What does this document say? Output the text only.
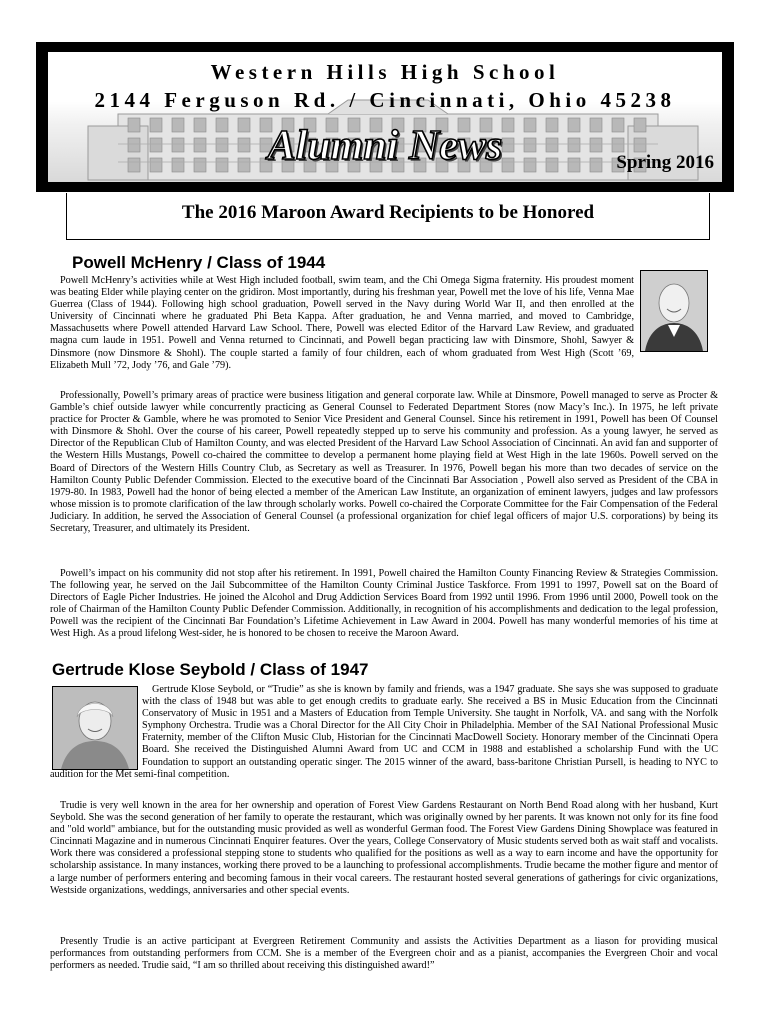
Western Hills High School
2144 Ferguson Rd. / Cincinnati, Ohio 45238
Alumni News	Spring 2016
The 2016 Maroon Award Recipients to be Honored
Powell McHenry / Class of 1944

Powell McHenry’s activities while at West High included football, swim team, and the Chi Omega Sigma fraternity. His proudest moment was beating Elder while playing center on the gridiron. Most importantly, during his freshman year, Powell met the love of his life, Venna Mae Guerrea (Class of 1944). Following high school graduation, Powell served in the Navy during World War II, and then enrolled at the University of Cincinnati where he graduated Phi Beta Kappa. After graduation, he and Venna married, and moved to Cambridge, Massachusetts where Powell attended Harvard Law School. There, Powell was elected Editor of the Harvard Law Review, and graduated magna cum laude in 1951. Powell and Venna returned to Cincinnati, and Powell began practicing law with Dinsmore, Shohl, Sawyer & Dinsmore (now Dinsmore & Shohl). The couple started a family of four children, each of whom graduated from West High (Scott ’69, Elizabeth Mull ’72, Jody ’76, and Gale ’79).

Professionally, Powell’s primary areas of practice were business litigation and general corporate law. While at Dinsmore, Powell managed to serve as Procter & Gamble’s chief outside lawyer while concurrently practicing as General Counsel to Federated Department Stores (now Macy’s Inc.). In 1975, he left private practice for Procter & Gamble, where he was promoted to Senior Vice President and General Counsel. Since his retirement in 1991, Powell has been Of Counsel with Dinsmore & Shohl. Over the course of his career, Powell repeatedly stepped up to serve his community and profession. As a young lawyer, he served as Director of the Republican Club of Hamilton County, and was elected President of the Harvard Law School Association of Cincinnati. An avid fan and supporter of the Western Hills Mustangs, Powell co-chaired the committee to develop a permanent home playing field at West High in the late 1960s. Powell served on the Board of Directors of the Western Hills Country Club, as Secretary as well as Treasurer. In 1976, Powell began his more than two decades of service on the Hamilton County Public Defender Commission. Elected to the executive board of the Cincinnati Bar Association , Powell also served as President of the CBA in 1979-80. In 1983, Powell had the honor of being elected a member of the American Law Institute, an organization of eminent lawyers, judges and law professors whose mission is to promote clarification of the law through scholarly works. Powell co-chaired the Corporate Committee for the Fair Compensation of the Federal Judiciary. In addition, he served the Association of General Counsel (a professional organization for chief legal officers of major U.S. corporations) by being its Secretary, Treasurer, and ultimately its President.

Powell’s impact on his community did not stop after his retirement. In 1991, Powell chaired the Hamilton County Financing Review & Strategies Commission. The following year, he served on the Jail Subcommittee of the Hamilton County Criminal Justice Taskforce. From 1991 to 1997, Powell sat on the Board of Directors of Eagle Picher Industries. He joined the Alcohol and Drug Addiction Services Board from 1992 until 1996. From 1996 until 2000, Powell took on the role of Chairman of the Hamilton County Public Defender Commission. Additionally, in recognition of his accomplishments and dedication to the legal profession, Powell was the recipient of the Cincinnati Bar Foundation’s Lifetime Achievement in Law Award in 2004. Powell has many wonderful memories of his time at West High. As a proud lifelong West-sider, he is honored to be chosen to receive the Maroon Award.

Gertrude Klose Seybold / Class of 1947

Gertrude Klose Seybold, or “Trudie” as she is known by family and friends, was a 1947 graduate. She says she was supposed to graduate with the class of 1948 but was able to get enough credits to graduate early. She received a BS in Music Education from the Cincinnati Conservatory of Music in 1951 and a Masters of Education from Temple University. She taught in Norfolk, VA. and sang with the Norfolk Symphony Orchestra. Trudie was a Choral Director for the All City Choir in Philadelphia. Member of the SAI National Professional Music Fraternity, member of the Clifton Music Club, Historian for the Cincinnati MacDowell Society. Honorary member of the Cincinnati Opera Board. She received the Distinguished Alumni Award from UC and CCM in 1988 and established a scholarship Fund with the UC Foundation to support an outstanding operatic singer. The 2015 winner of the award, bass-baritone Christian Pursell, is heading to NYC to audition for the Met semi-final competition.

Trudie is very well known in the area for her ownership and operation of Forest View Gardens Restaurant on North Bend Road along with her husband, Kurt Seybold. She was the second generation of her family to operate the restaurant, which was originally owned by her parents. It was known not only for its fine food and "old world" ambiance, but for the outstanding music provided as well as wonderful German food. The Forest View Gardens Dining Showplace was featured in Cincinnati Magazine and in numerous Cincinnati Enquirer features. Over the years, College Conservatory of Music students served both as wait staff and vocalists. Work there was considered a professional stepping stone to students who qualified for the positions as well as a way to earn income and have the opportunity for scholarship assistance. In many instances, working there proved to be a launching to professional accomplishments. Trudie became the mother figure and mentor of a large number of performers entering and becoming famous in their vocal careers. The restaurant hosted several generations of gatherings for civic organizations, Westside organizations, weddings, anniversaries and other special events.

Presently Trudie is an active participant at Evergreen Retirement Community and assists the Activities Department as a liason for providing musical performances from outstanding performers from CCM. She is a member of the Evergreen choir and as a pianist, accompanies the Evergreen Choir and vocal performers as needed. Trudie said, “I am so thrilled about receiving this distinguished award!”
